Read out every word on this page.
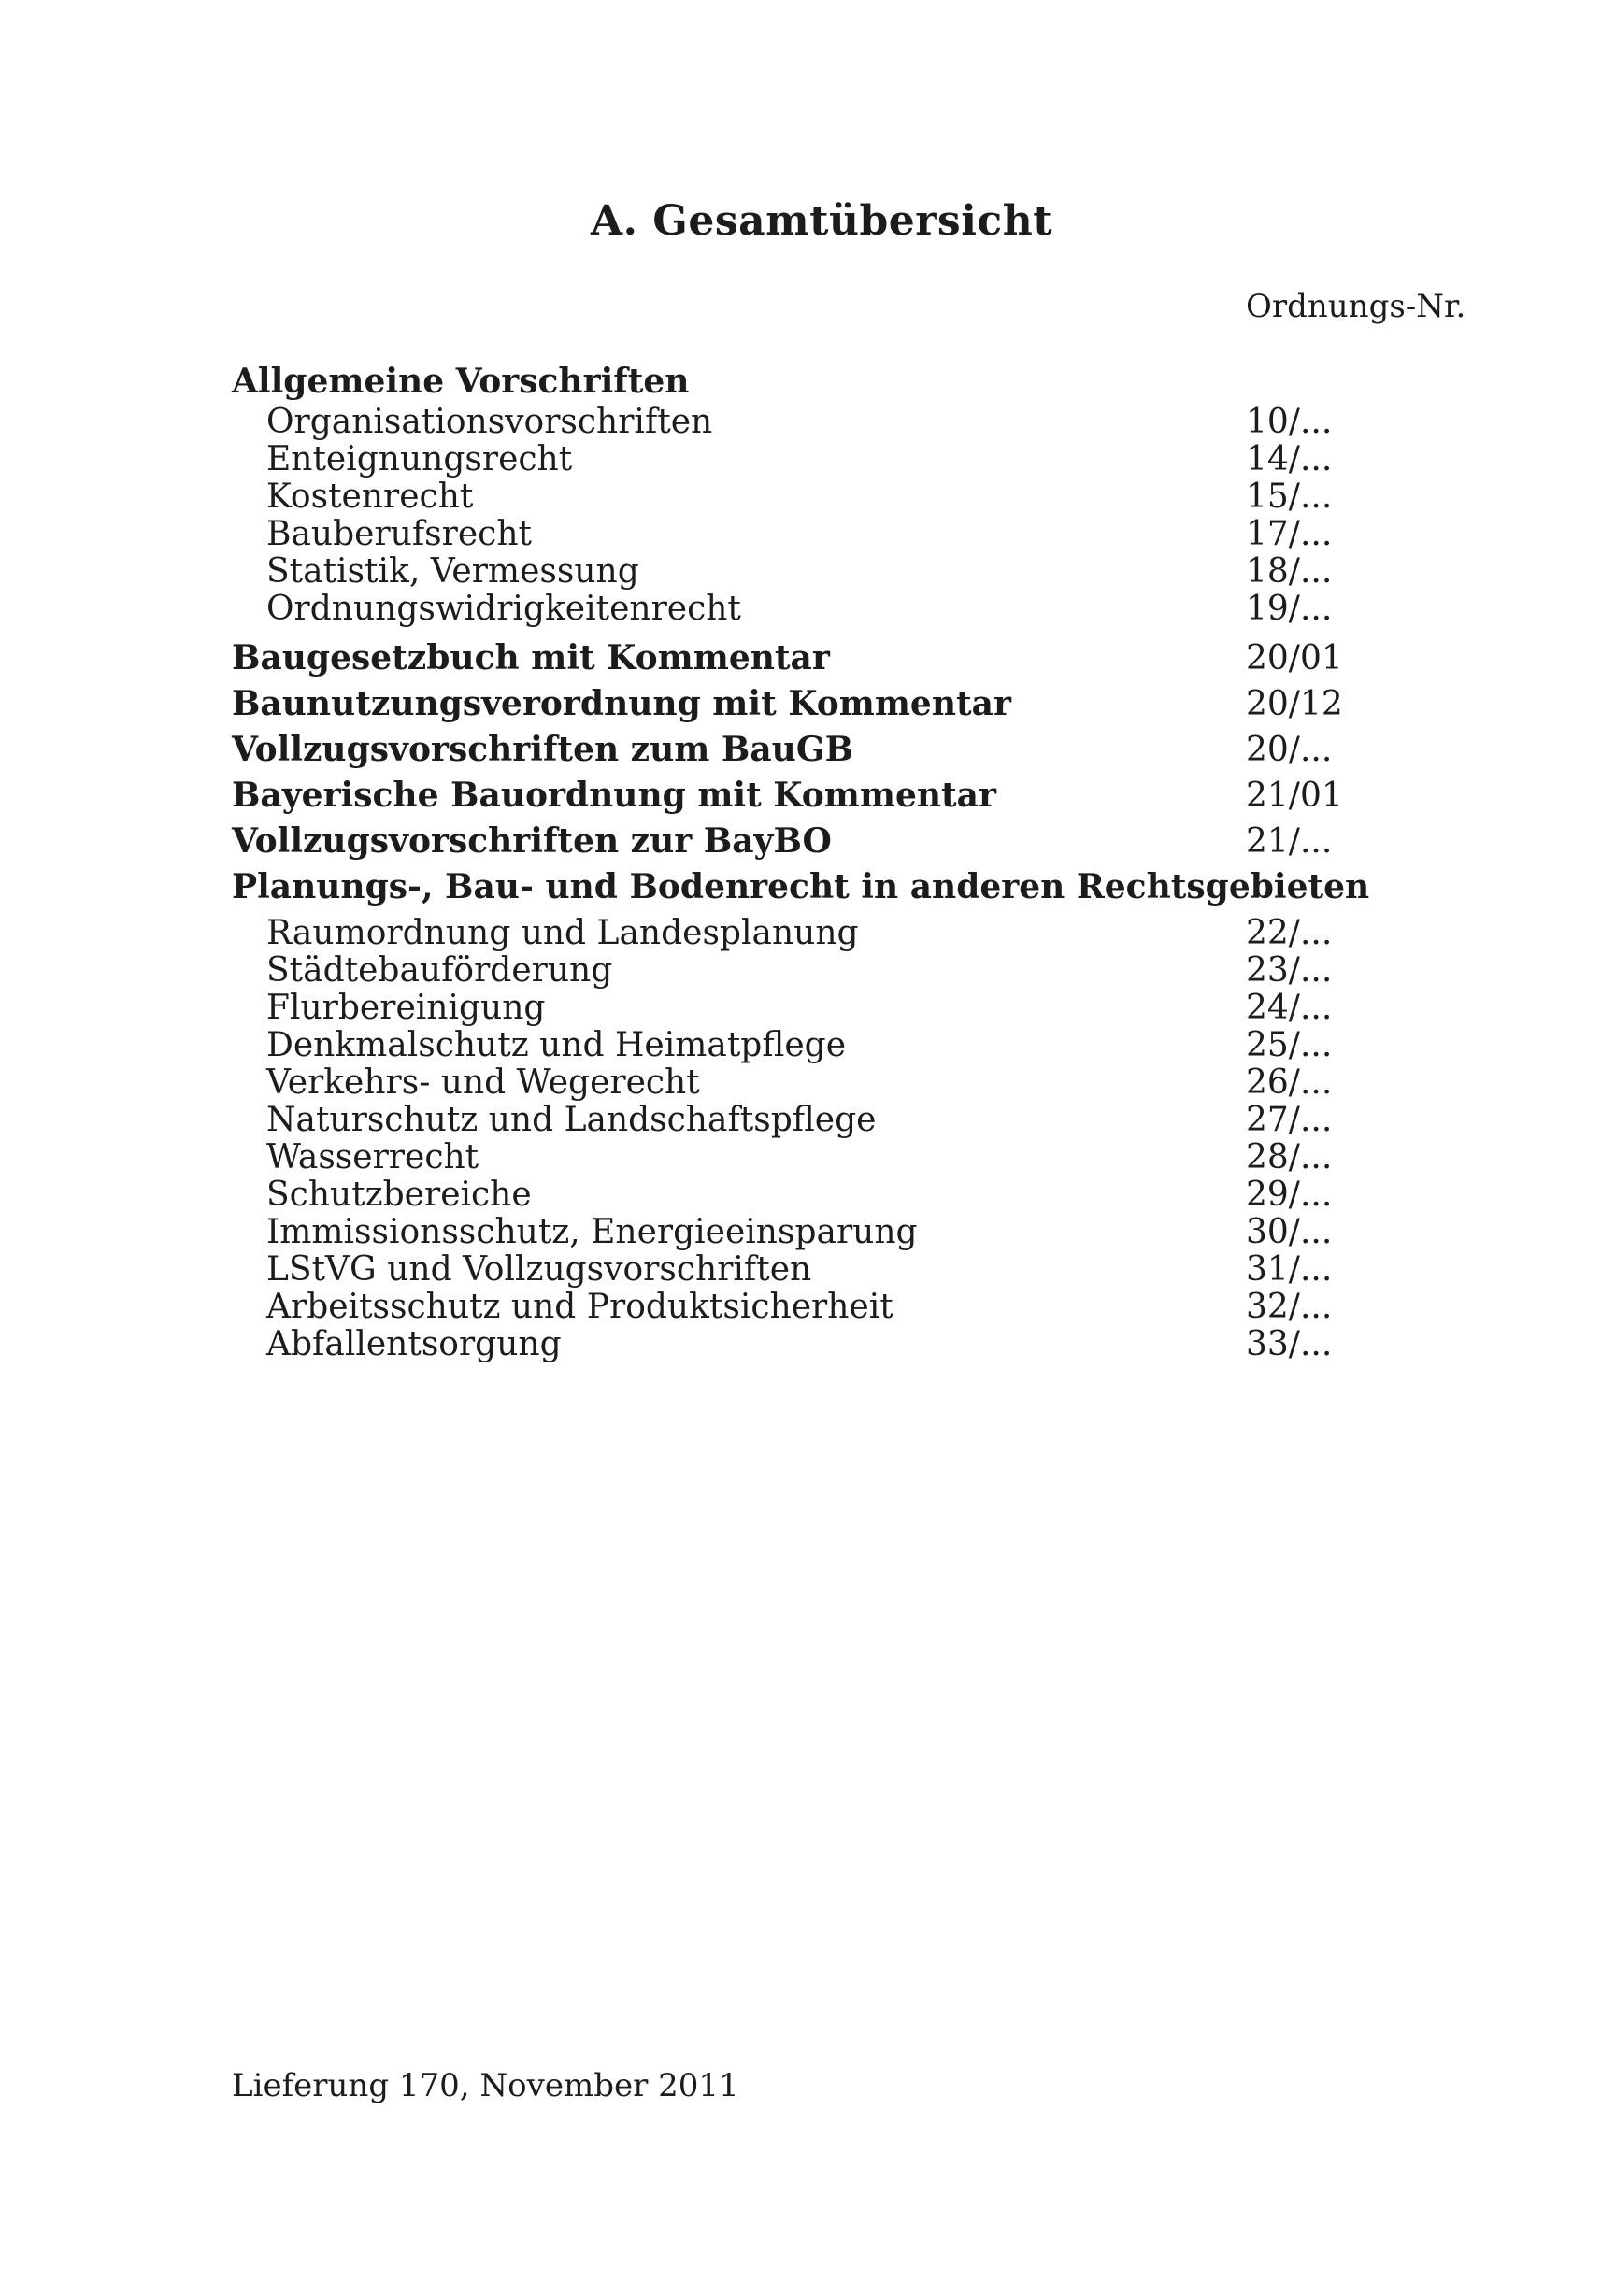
A. Gesamtübersicht
Ordnungs-Nr.
Allgemeine Vorschriften
Organisationsvorschriften	10/...
Enteignungsrecht	14/...
Kostenrecht	15/...
Bauberufsrecht	17/...
Statistik, Vermessung	18/...
Ordnungswidrigkeitenrecht	19/...
Baugesetzbuch mit Kommentar	20/01
Baunutzungsverordnung mit Kommentar	20/12
Vollzugsvorschriften zum BauGB	20/...
Bayerische Bauordnung mit Kommentar	21/01
Vollzugsvorschriften zur BayBO	21/...
Planungs-, Bau- und Bodenrecht in anderen Rechtsgebieten
Raumordnung und Landesplanung	22/...
Städtebauförderung	23/...
Flurbereinigung	24/...
Denkmalschutz und Heimatpflege	25/...
Verkehrs- und Wegerecht	26/...
Naturschutz und Landschaftspflege	27/...
Wasserrecht	28/...
Schutzbereiche	29/...
Immissionsschutz, Energieeinsparung	30/...
LStVG und Vollzugsvorschriften	31/...
Arbeitsschutz und Produktsicherheit	32/...
Abfallentsorgung	33/...
Lieferung 170, November 2011
